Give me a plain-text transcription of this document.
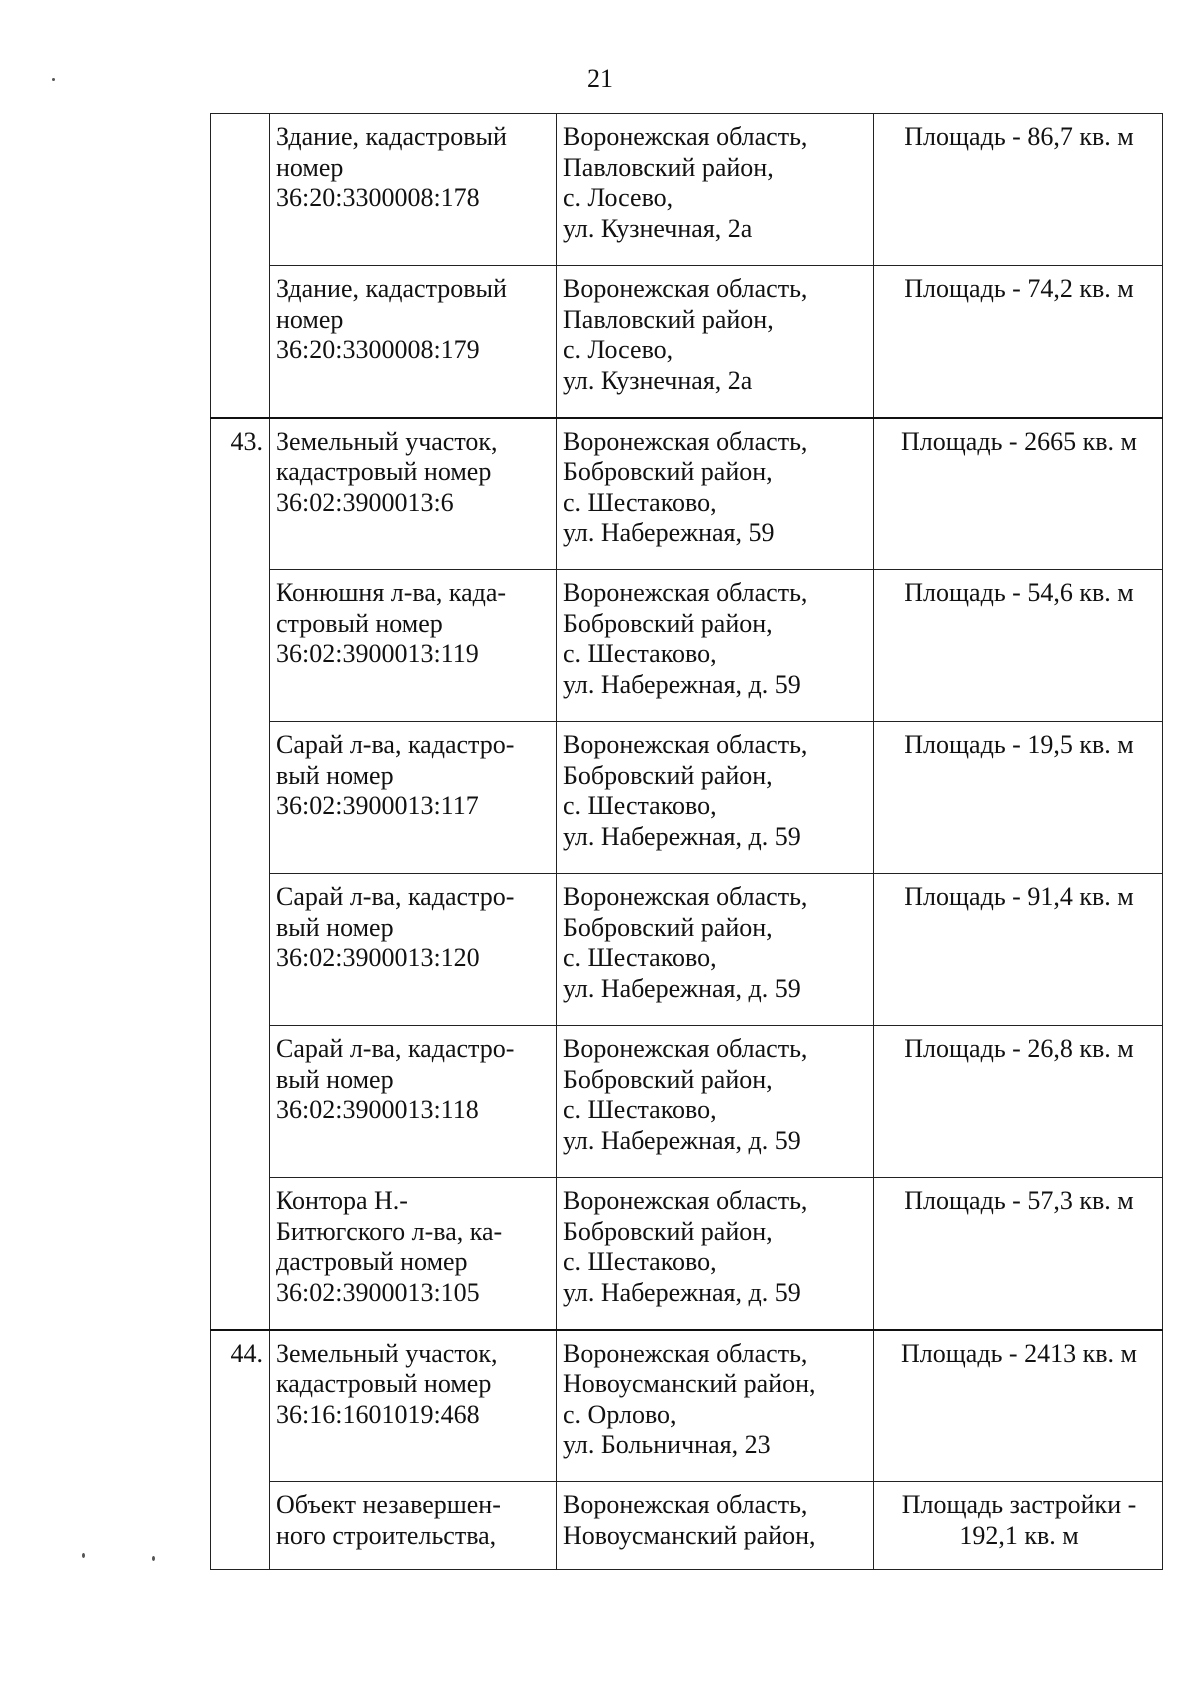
21

	Здание, кадастровый
номер
36:20:3300008:178	Воронежская область,
Павловский район,
с. Лосево,
ул. Кузнечная, 2а	Площадь - 86,7 кв. м

	Здание, кадастровый
номер
36:20:3300008:179	Воронежская область,
Павловский район,
с. Лосево,
ул. Кузнечная, 2а	Площадь - 74,2 кв. м

43.	Земельный участок,
кадастровый номер
36:02:3900013:6	Воронежская область,
Бобровский район,
с. Шестаково,
ул. Набережная, 59	Площадь - 2665 кв. м

	Конюшня л-ва, када-
стровый номер
36:02:3900013:119	Воронежская область,
Бобровский район,
с. Шестаково,
ул. Набережная, д. 59	Площадь - 54,6 кв. м

	Сарай л-ва, кадастро-
вый номер
36:02:3900013:117	Воронежская область,
Бобровский район,
с. Шестаково,
ул. Набережная, д. 59	Площадь - 19,5 кв. м

	Сарай л-ва, кадастро-
вый номер
36:02:3900013:120	Воронежская область,
Бобровский район,
с. Шестаково,
ул. Набережная, д. 59	Площадь - 91,4 кв. м

	Сарай л-ва, кадастро-
вый номер
36:02:3900013:118	Воронежская область,
Бобровский район,
с. Шестаково,
ул. Набережная, д. 59	Площадь - 26,8 кв. м

	Контора Н.-
Битюгского л-ва, ка-
дастровый номер
36:02:3900013:105	Воронежская область,
Бобровский район,
с. Шестаково,
ул. Набережная, д. 59	Площадь - 57,3 кв. м

44.	Земельный участок,
кадастровый номер
36:16:1601019:468	Воронежская область,
Новоусманский район,
с. Орлово,
ул. Больничная, 23	Площадь - 2413 кв. м

	Объект незавершен-
ного строительства,	Воронежская область,
Новоусманский район,	Площадь застройки -
192,1 кв. м
